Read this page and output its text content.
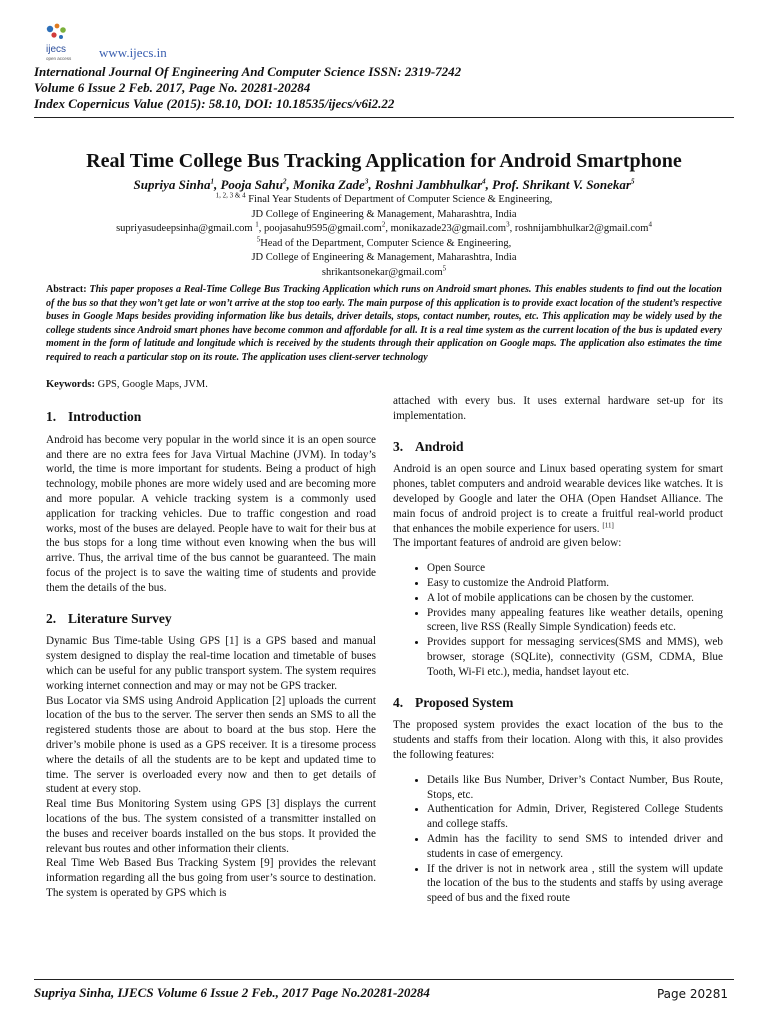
ijecs
open access www.ijecs.in
International Journal Of Engineering And Computer Science ISSN: 2319-7242
Volume 6 Issue 2 Feb. 2017, Page No. 20281-20284
Index Copernicus Value (2015): 58.10, DOI: 10.18535/ijecs/v6i2.22
Real Time College Bus Tracking Application for Android Smartphone
Supriya Sinha$^1$, Pooja Sahu$^2$, Monika Zade$^3$, Roshni Jambhulkar$^4$, Prof. Shrikant V. Sonekar$^5$
$^{1, 2, 3 \& 4}$ Final Year Students of Department of Computer Science & Engineering,
JD College of Engineering & Management, Maharashtra, India
supriyasudeepsinha@gmail.com $^1$, poojasahu9595@gmail.com$^2$, monikazade23@gmail.com$^3$, roshnijambhulkar2@gmail.com$^4$
$^5$Head of the Department, Computer Science & Engineering,
JD College of Engineering & Management, Maharashtra, India
shrikantsonekar@gmail.com$^5$
Abstract: This paper proposes a Real-Time College Bus Tracking Application which runs on Android smart phones. This enables students to find out the location of the bus so that they won’t get late or won’t arrive at the stop too early. The main purpose of this application is to provide exact location of the student’s respective buses in Google Maps besides providing information like bus details, driver details, stops, contact number, routes, etc. This application may be widely used by the college students since Android smart phones have become common and affordable for all. It is a real time system as the current location of the bus is updated every moment in the form of latitude and longitude which is received by the students through their application on Google maps. The application also estimates the time required to reach a particular stop on its route. The application uses client-server technology
Keywords: GPS, Google Maps, JVM.
1. Introduction

Android has become very popular in the world since it is an open source and there are no extra fees for Java Virtual Machine (JVM). In today’s world, the time is more important for students. Being a product of high technology, mobile phones are more widely used and are becoming more and more popular. A vehicle tracking system is a commonly used application for tracking vehicles. Due to traffic congestion and road works, most of the buses are delayed. People have to wait for their bus at the bus stops for a long time without even knowing when the bus will arrive. Thus, the arrival time of the bus cannot be guaranteed. The main focus of the project is to save the waiting time of students and provide them the details of the bus.

2. Literature Survey

Dynamic Bus Time-table Using GPS [1] is a GPS based and manual system designed to display the real-time location and timetable of buses which can be useful for any public transport system. The system requires working internet connection and may or may not be GPS tracker.

Bus Locator via SMS using Android Application [2] uploads the current location of the bus to the server. The server then sends an SMS to all the registered students those are about to board at the bus stop. Here the driver’s mobile phone is used as a GPS receiver. It is a tiresome process where the details of all the students are to be kept and updated time to time. The server is overloaded every now and then to get details of student at every stop.

Real time Bus Monitoring System using GPS [3] displays the current locations of the bus. The system consisted of a transmitter installed on the buses and receiver boards installed on the bus stops. It provided the relevant bus routes and other information their clients.

Real Time Web Based Bus Tracking System [9] provides the relevant information regarding all the bus going from user’s source to destination. The system is operated by GPS which is

attached with every bus. It uses external hardware set-up for its implementation.

3. Android

Android is an open source and Linux based operating system for smart phones, tablet computers and android wearable devices like watches. It is developed by Google and later the OHA (Open Handset Alliance. The main focus of android project is to create a fruitful real-world product that enhances the mobile experience for users. [11]

The important features of android are given below:

• Open Source
• Easy to customize the Android Platform.
• A lot of mobile applications can be chosen by the customer.
• Provides many appealing features like weather details, opening screen, live RSS (Really Simple Syndication) feeds etc.
• Provides support for messaging services(SMS and MMS), web browser, storage (SQLite), connectivity (GSM, CDMA, Blue Tooth, Wi-Fi etc.), media, handset layout etc.
4. Proposed System

The proposed system provides the exact location of the bus to the students and staffs from their location. Along with this, it also provides the following features:

• Details like Bus Number, Driver’s Contact Number, Bus Route, Stops, etc.
• Authentication for Admin, Driver, Registered College Students and college staffs.
• Admin has the facility to send SMS to intended driver and students in case of emergency.
• If the driver is not in network area , still the system will update the location of the bus to the students and staffs by using average speed of bus and the fixed route
Supriya Sinha, IJECS Volume 6 Issue 2 Feb., 2017 Page No.20281-20284	Page 20281
